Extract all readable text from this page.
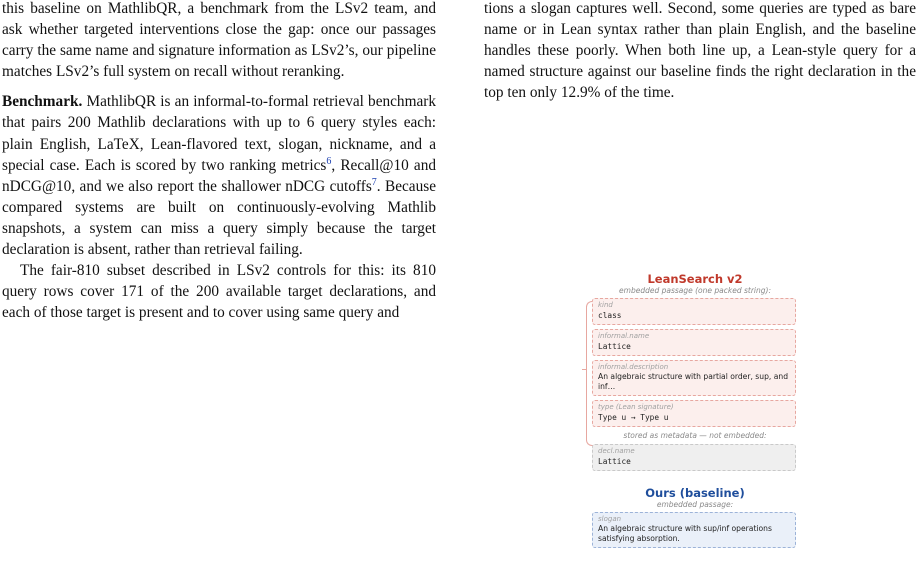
this baseline on MathlibQR, a benchmark from the LSv2 team, and ask whether targeted interventions close the gap: once our passages carry the same name and signature information as LSv2’s, our pipeline matches LSv2’s full system on recall without reranking.

Benchmark. MathlibQR is an informal-to-formal retrieval benchmark that pairs 200 Mathlib declarations with up to 6 query styles each: plain English, LaTeX, Lean-flavored text, slogan, nickname, and a special case. Each is scored by two ranking metrics$^6$, Recall@10 and nDCG@10, and we also report the shallower nDCG cutoffs$^7$. Because compared systems are built on continuously-evolving Mathlib snapshots, a system can miss a query simply because the target declaration is absent, rather than retrieval failing.

The fair-810 subset described in LSv2 controls for this: its 810 query rows cover 171 of the 200 available target declarations, and each of those target is present and to cover using same query and

tions a slogan captures well. Second, some queries are typed as bare name or in Lean syntax rather than plain English, and the baseline handles these poorly. When both line up, a Lean-style query for a named structure against our baseline finds the right declaration in the top ten only 12.9% of the time.

LeanSearch v2
embedded passage (one packed string):
kind
class
informal.name
Lattice
informal.description
An algebraic structure with partial order, sup, and inf…
type (Lean signature)
Type u → Type u
stored as metadata — not embedded:
decl.name
Lattice
Ours (baseline)
embedded passage:
slogan
An algebraic structure with sup/inf operations satisfying absorption.
